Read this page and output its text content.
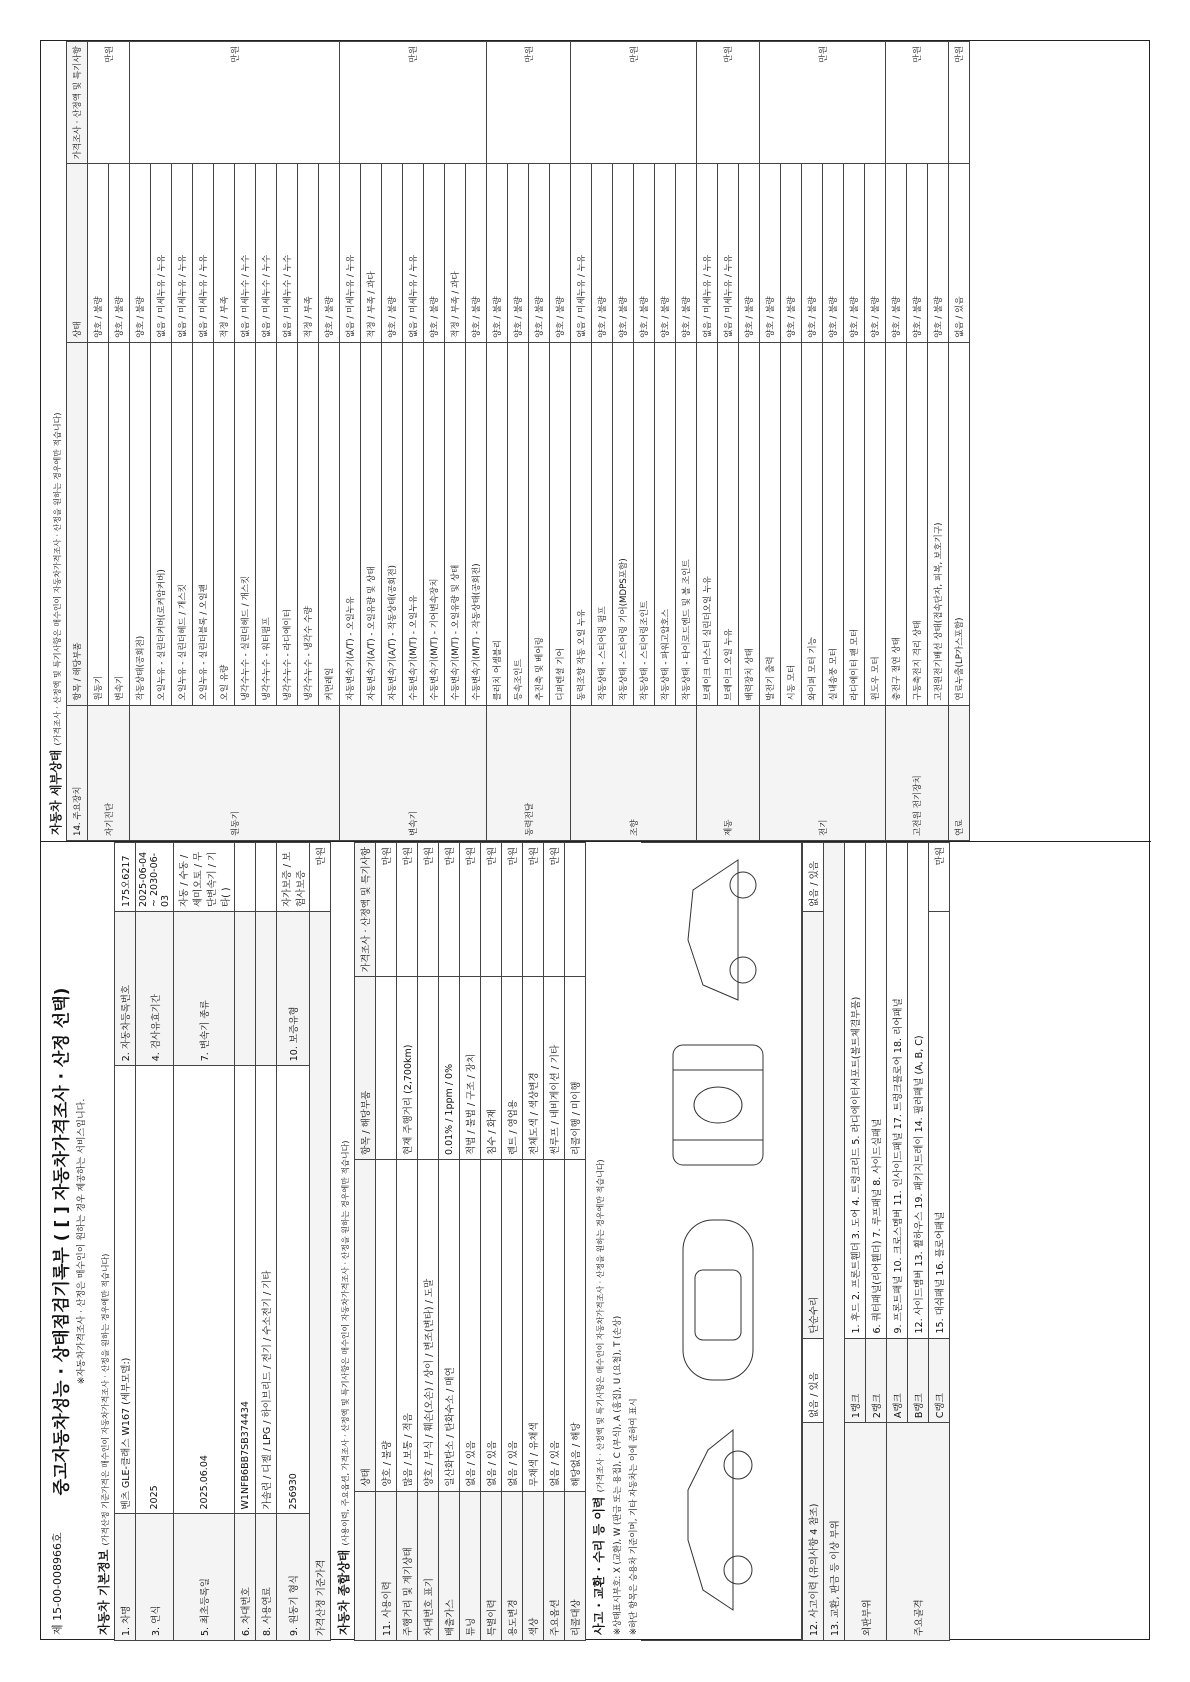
제 15-00-008966호
중고자동차성능 · 상태점검기록부 ( [ ] 자동차가격조사 · 산정 선택) ※자동차가격조사 · 산정은 매수인이 원하는 경우 제공하는 서비스입니다.
자동차 기본정보 (가격산정 기준가격은 매수인이 자동차가격조사 · 산정을 원하는 경우에만 적습니다)
1. 차명	벤츠 GLE-클래스 W167 (세부모델:)	2. 자동차등록번호	175오6217
3. 연식	2025	4. 검사유효기간	2025-06-04 ~ 2030-06-03
5. 최초등록일	2025.06.04	7. 변속기 종류	자동 / 수동 / 세미오토 / 무단변속기 / 기타( )
6. 차대번호	W1NFB6BB7SB374434		
8. 사용연료	가솔린 / 디젤 / LPG / 하이브리드 / 전기 / 수소전기 / 기타		
9. 원동기 형식	256930	10. 보증유형	자가보증 / 보험사보증
가격산정 기준가격			만원
자동차 종합상태 (사용이력, 주요옵션, 가격조사 · 산정액 및 특기사항은 매수인이 자동차가격조사 · 산정을 원하는 경우에만 적습니다)
		상태	항목 / 해당부품	가격조사 · 산정액 및 특기사항
11. 사용이력	양호 / 불량		만원
주행거리 및 계기상태	많음 / 보통 / 적음	현재 주행거리 (2,700km)	만원
차대번호 표기	양호 / 부식 / 훼손(오손) / 상이 / 변조(변타) / 도말		만원
배출가스	일산화탄소 / 탄화수소 / 매연	0.01% / 1ppm / 0%	만원
튜닝	없음 / 있음	적법 / 불법 / 구조 / 장치	만원
특별이력	없음 / 있음	침수 / 화재	만원
용도변경	없음 / 있음	렌트 / 영업용	만원
색상	무채색 / 유채색	전체도색 / 색상변경	만원
주요옵션	없음 / 있음	썬루프 / 네비게이션 / 기타	만원
리콜대상	해당없음 / 해당	리콜이행 / 미이행	
사고 · 교환 · 수리 등 이력 (가격조사 · 산정액 및 특기사항은 매수인이 자동차가격조사 · 산정을 원하는 경우에만 적습니다) ※상태표시부호: X (교환), W (판금 또는 용접), C (부식), A (흠집), U (요철), T (손상) ※하단 항목은 승용차 기준이며, 기타 자동차는 이에 준하여 표시	12. 사고이력 (유의사항 4 참조)	없음 / 있음	단순수리	없음 / 있음
13. 교환, 판금 등 이상 부위			
외판부위	1랭크	1. 후드 2. 프론트휀더 3. 도어 4. 트렁크리드 5. 라디에이터서포트(볼트체결부품)	
	2랭크	6. 쿼터패널(리어휀더) 7. 루프패널 8. 사이드실패널	
주요골격	A랭크	9. 프론트패널 10. 크로스멤버 11. 인사이드패널 17. 트렁크플로어 18. 리어패널	
	B랭크	12. 사이드멤버 13. 휠하우스 19. 패키지트레이 14. 필러패널 (A, B, C)	
	C랭크	15. 대쉬패널 16. 플로어패널	만원
자동차 세부상태 (가격조사 · 산정액 및 특기사항은 매수인이 자동차가격조사 · 산정을 원하는 경우에만 적습니다)
14. 주요장치	항목 / 해당부품	상태	가격조사 · 산정액 및 특기사항
자기진단	원동기	양호 / 불량	만원
	변속기	양호 / 불량	
원동기	작동상태(공회전)	양호 / 불량	만원
	오일누유 - 실린더커버(로커암커버)	없음 / 미세누유 / 누유	
	오일누유 - 실린더헤드 / 개스킷	없음 / 미세누유 / 누유	
	오일누유 - 실린더블록 / 오일팬	없음 / 미세누유 / 누유	
	오일 유량	적정 / 부족	
	냉각수누수 - 실린더헤드 / 개스킷	없음 / 미세누수 / 누수	
	냉각수누수 - 워터펌프	없음 / 미세누수 / 누수	
	냉각수누수 - 라디에이터	없음 / 미세누수 / 누수	
	냉각수누수 - 냉각수 수량	적정 / 부족	
	커먼레일	양호 / 불량	
변속기	자동변속기(A/T) - 오일누유	없음 / 미세누유 / 누유	만원
	자동변속기(A/T) - 오일유량 및 상태	적정 / 부족 / 과다	
	자동변속기(A/T) - 작동상태(공회전)	양호 / 불량	
	수동변속기(M/T) - 오일누유	없음 / 미세누유 / 누유	
	수동변속기(M/T) - 기어변속장치	양호 / 불량	
	수동변속기(M/T) - 오일유량 및 상태	적정 / 부족 / 과다	
	수동변속기(M/T) - 작동상태(공회전)	양호 / 불량	
동력전달	클러치 어셈블리	양호 / 불량	만원
	등속조인트	양호 / 불량	
	추진축 및 베어링	양호 / 불량	
	디퍼렌셜 기어	양호 / 불량	
조향	동력조향 작동 오일 누유	없음 / 미세누유 / 누유	만원
	작동상태 - 스티어링 펌프	양호 / 불량	
	작동상태 - 스티어링 기어(MDPS포함)	양호 / 불량	
	작동상태 - 스티어링조인트	양호 / 불량	
	작동상태 - 파워고압호스	양호 / 불량	
	작동상태 - 타이로드엔드 및 볼 조인트	양호 / 불량	
제동	브레이크 마스터 실린더오일 누유	없음 / 미세누유 / 누유	만원
	브레이크 오일 누유	없음 / 미세누유 / 누유	
	배력장치 상태	양호 / 불량	
전기	발전기 출력	양호 / 불량	만원
	시동 모터	양호 / 불량	
	와이퍼 모터 기능	양호 / 불량	
	실내송풍 모터	양호 / 불량	
	라디에이터 팬 모터	양호 / 불량	
	윈도우 모터	양호 / 불량	
고전원 전기장치	충전구 절연 상태	양호 / 불량	만원
	구동축전지 격리 상태	양호 / 불량	
	고전원전기배선 상태(접속단자, 피복, 보호기구)	양호 / 불량	
연료	연료누출(LP가스포함)	없음 / 있음	만원
